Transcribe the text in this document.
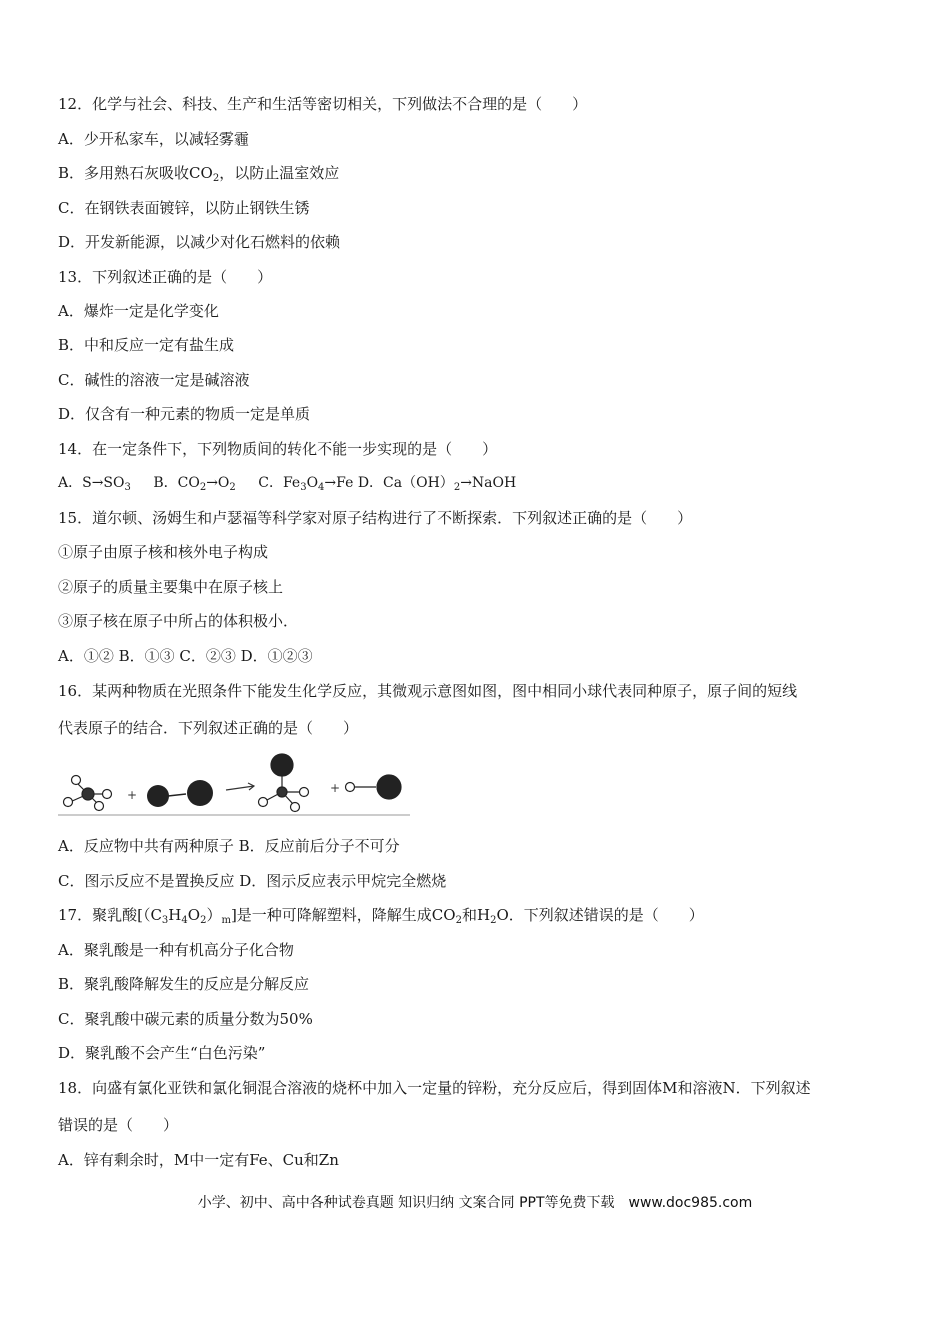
12．化学与社会、科技、生产和生活等密切相关，下列做法不合理的是（　　）
A．少开私家车，以减轻雾霾
B．多用熟石灰吸收$CO_2$，以防止温室效应
C．在钢铁表面镀锌，以防止钢铁生锈
D．开发新能源，以减少对化石燃料的依赖
13．下列叙述正确的是（　　）
A．爆炸一定是化学变化
B．中和反应一定有盐生成
C．碱性的溶液一定是碱溶液
D．仅含有一种元素的物质一定是单质
14．在一定条件下，下列物质间的转化不能一步实现的是（　　）
A．$S\to SO_3$ B．$CO_2\to O_2$ C．$Fe_3O_4\to Fe$ D．$Ca(OH)_2\to NaOH$
15．道尔顿、汤姆生和卢瑟福等科学家对原子结构进行了不断探索．下列叙述正确的是（　　）
①原子由原子核和核外电子构成
②原子的质量主要集中在原子核上
③原子核在原子中所占的体积极小．
A．①② B．①③ C．②③ D．①②③
16．某两种物质在光照条件下能发生化学反应，其微观示意图如图，图中相同小球代表同种原子，原子间的短线
代表原子的结合．下列叙述正确的是（　　）
+	+
A．反应物中共有两种原子 B．反应前后分子不可分
C．图示反应不是置换反应 D．图示反应表示甲烷完全燃烧
17．聚乳酸$[(C_3H_4O_2)_m]$是一种可降解塑料，降解生成$CO_2$和$H_2O$．下列叙述错误的是（　　）
A．聚乳酸是一种有机高分子化合物
B．聚乳酸降解发生的反应是分解反应
C．聚乳酸中碳元素的质量分数为50%
D．聚乳酸不会产生“白色污染”
18．向盛有氯化亚铁和氯化铜混合溶液的烧杯中加入一定量的锌粉，充分反应后，得到固体M和溶液N．下列叙述
错误的是（　　）
A．锌有剩余时，M中一定有Fe、Cu和Zn
小学、初中、高中各种试卷真题 知识归纳 文案合同 PPT等免费下载　www.doc985.com
